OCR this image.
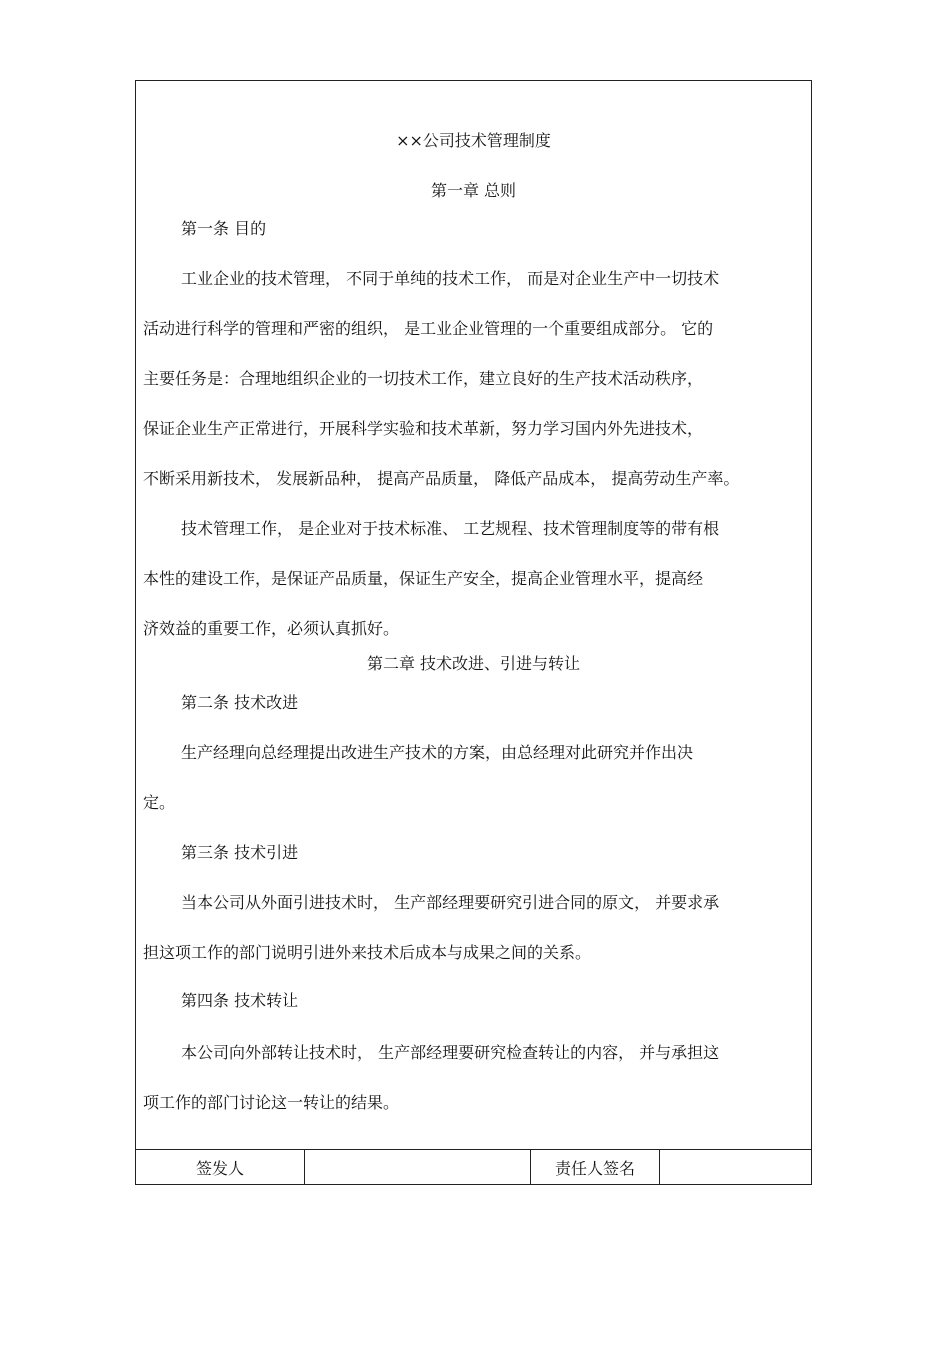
××公司技术管理制度
第一章 总则
第一条 目的
工业企业的技术管理， 不同于单纯的技术工作， 而是对企业生产中一切技术
活动进行科学的管理和严密的组织， 是工业企业管理的一个重要组成部分。 它的
主要任务是：合理地组织企业的一切技术工作，建立良好的生产技术活动秩序，
保证企业生产正常进行，开展科学实验和技术革新，努力学习国内外先进技术，
不断采用新技术， 发展新品种， 提高产品质量， 降低产品成本， 提高劳动生产率。
技术管理工作， 是企业对于技术标准、 工艺规程、技术管理制度等的带有根
本性的建设工作，是保证产品质量，保证生产安全，提高企业管理水平，提高经
济效益的重要工作，必须认真抓好。
第二章 技术改进、引进与转让
第二条 技术改进
生产经理向总经理提出改进生产技术的方案，由总经理对此研究并作出决
定。
第三条 技术引进
当本公司从外面引进技术时， 生产部经理要研究引进合同的原文， 并要求承
担这项工作的部门说明引进外来技术后成本与成果之间的关系。
第四条 技术转让
本公司向外部转让技术时， 生产部经理要研究检查转让的内容， 并与承担这
项工作的部门讨论这一转让的结果。
签发人	责任人签名
